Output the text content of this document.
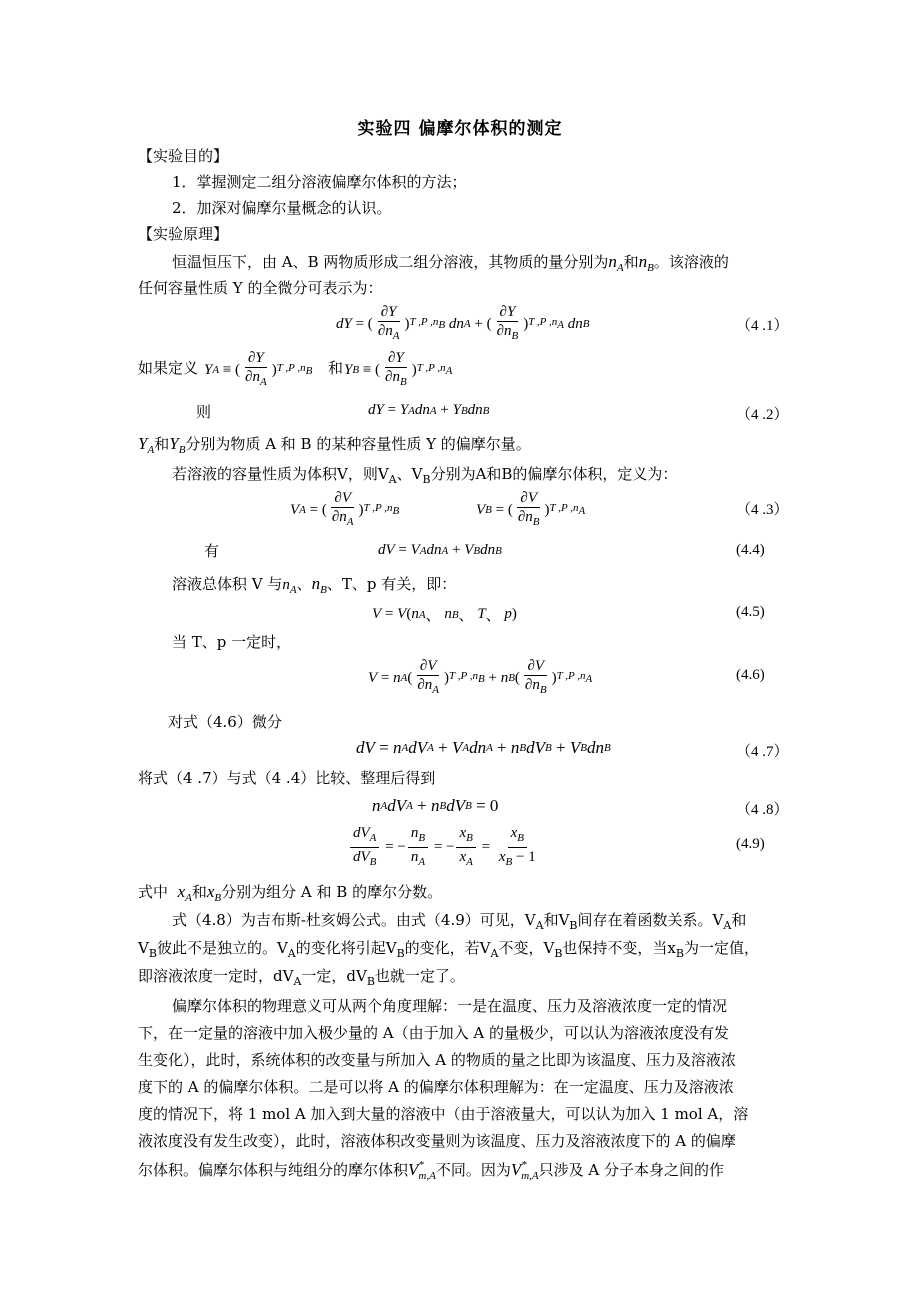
实验四 偏摩尔体积的测定
【实验目的】
1．掌握测定二组分溶液偏摩尔体积的方法；
2．加深对偏摩尔量概念的认识。
【实验原理】
恒温恒压下，由 A、B 两物质形成二组分溶液，其物质的量分别为$n_A$和$n_B$。该溶液的
任何容量性质 Y 的全微分可表示为：
dY = ( $\frac{\partial Y}{\partial n_A}$ ) T ,P $,n_B$ dn A + ( $\frac{\partial Y}{\partial n_B}$ ) T ,P $,n_A$ dn B	（4 .1）
如果定义 Y A ≡ ( $\frac{\partial Y}{\partial n_A}$ ) T ,P $,n_B$ 和 Y B ≡ ( $\frac{\partial Y}{\partial n_B}$ ) T ,P $,n_A$
则	dY = Y A dn A + Y B dn B	（4 .2）
$Y_A$和$Y_B$分别为物质 A 和 B 的某种容量性质 Y 的偏摩尔量。
若溶液的容量性质为体积V，则$V_A$、$V_B$分别为A和B的偏摩尔体积，定义为：
V A = ( $\frac{\partial V}{\partial n_A}$ ) T ,P $,n_B$	V B = ( $\frac{\partial V}{\partial n_B}$ ) T ,P $,n_A$	（4 .3）
有	dV = V A dn A + V B dn B	(4.4)
溶液总体积 V 与$n_A$、$n_B$、T、p 有关，即：
V = V ( n A 、 n B 、 T 、 p )	(4.5)
当 T、p 一定时，
V = n A ( $\frac{\partial V}{\partial n_A}$ ) T ,P $,n_B + n$ B ( $\frac{\partial V}{\partial n_B}$ ) T ,P $,n_A$	(4.6)
对式（4.6）微分
dV = n A dV A + V A dn A + n B dV B + V B dn B	（4 .7）
将式（4 .7）与式（4 .4）比较、整理后得到
n A dV A + n B dV B = 0	（4 .8）
$\frac{dV_A}{dV_B}$ = − $\frac{n_B}{n_A}$ = − $\frac{x_B}{x_A} = \frac{x_B}{x_B - 1}$	(4.9)
式中 $x_A$和$x_B$分别为组分 A 和 B 的摩尔分数。
式（4.8）为吉布斯-杜亥姆公式。由式（4.9）可见，$V_A$和$V_B$间存在着函数关系。$V_A$和
$V_B$彼此不是独立的。$V_A$的变化将引起$V_B$的变化，若$V_A$不变，$V_B$也保持不变，当$x_B$为一定值，
即溶液浓度一定时，$dV_A$一定，$dV_B$也就一定了。
偏摩尔体积的物理意义可从两个角度理解：一是在温度、压力及溶液浓度一定的情况
下，在一定量的溶液中加入极少量的 A（由于加入 A 的量极少，可以认为溶液浓度没有发
生变化），此时，系统体积的改变量与所加入 A 的物质的量之比即为该温度、压力及溶液浓
度下的 A 的偏摩尔体积。二是可以将 A 的偏摩尔体积理解为：在一定温度、压力及溶液浓
度的情况下，将 1 mol A 加入到大量的溶液中（由于溶液量大，可以认为加入 1 mol A，溶
液浓度没有发生改变），此时，溶液体积改变量则为该温度、压力及溶液浓度下的 A 的偏摩
尔体积。偏摩尔体积与纯组分的摩尔体积V *
m,A 不同。因为V *
m,A 只涉及 A 分子本身之间的作
